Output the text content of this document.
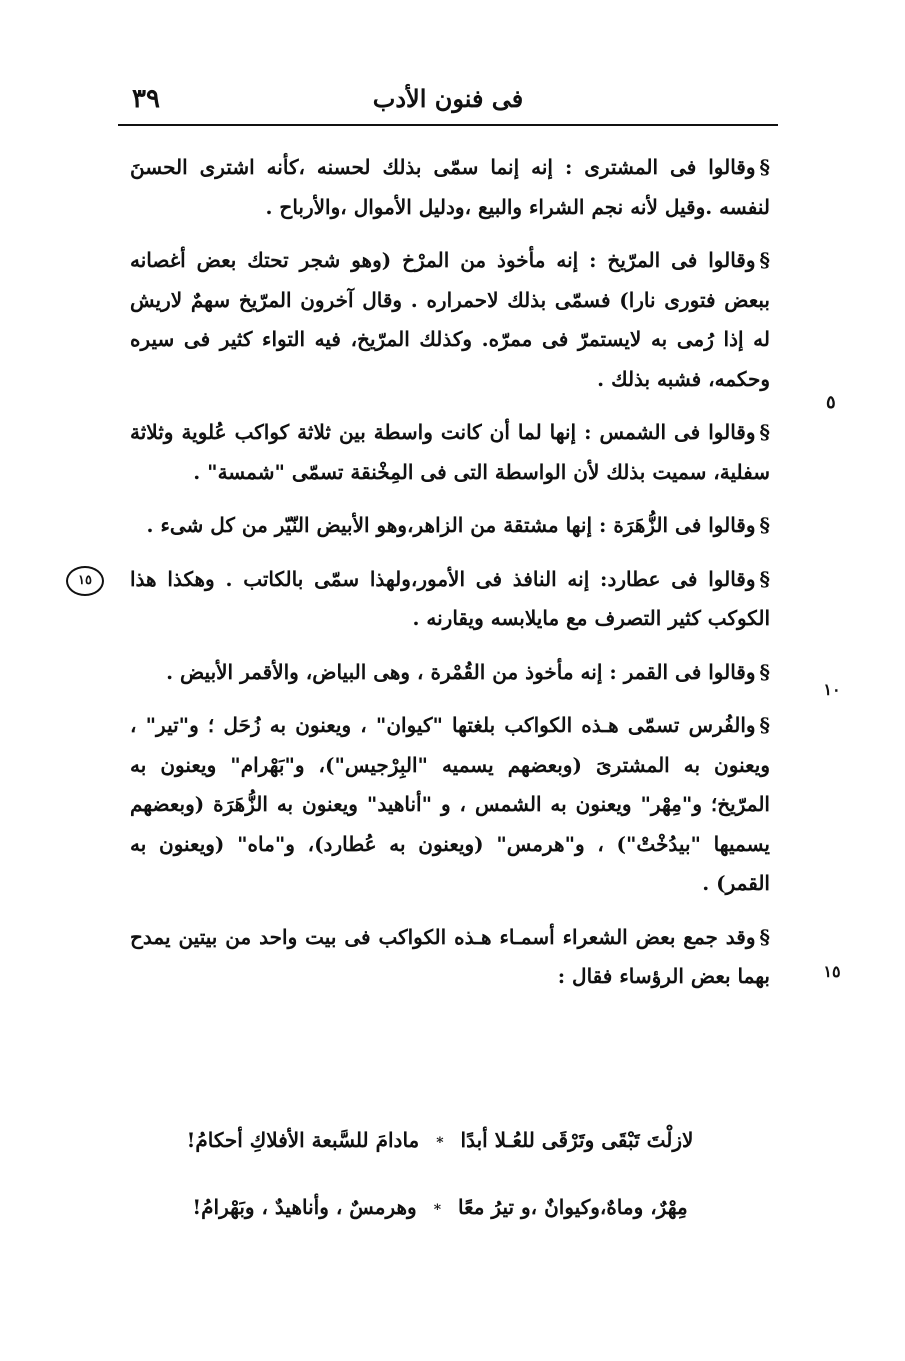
٣٩	فى فنون الأدب
١٥
٥
١٠
١٥

§وقالوا فى المشترى : إنه إنما سمّى بذلك لحسنه ،كأنه اشترى الحسنَ لنفسه .وقيل لأنه نجم الشراء والبيع ،ودليل الأموال ،والأرباح .

§وقالوا فى المرّيخ : إنه مأخوذ من المرْخ (وهو شجر تحتك بعض أغصانه ببعض فتورى نارا) فسمّى بذلك لاحمراره . وقال آخرون المرّيخ سهمٌ لاريش له إذا رُمى به لايستمرّ فى ممرّه. وكذلك المرّيخ، فيه التواء كثير فى سيره وحكمه، فشبه بذلك .

§وقالوا فى الشمس : إنها لما أن كانت واسطة بين ثلاثة كواكب عُلوية وثلاثة سفلية، سميت بذلك لأن الواسطة التى فى المِخْنقة تسمّى "شمسة" .

§وقالوا فى الزُّهَرَة : إنها مشتقة من الزاهر،وهو الأبيض النّيّر من كل شىء .

§وقالوا فى عطارد: إنه النافذ فى الأمور،ولهذا سمّى بالكاتب . وهكذا هذا الكوكب كثير التصرف مع مايلابسه ويقارنه .

§وقالوا فى القمر : إنه مأخوذ من القُمْرة ، وهى البياض، والأقمر الأبيض .

§والفُرس تسمّى هـذه الكواكب بلغتها "كيوان" ، ويعنون به زُحَل ؛ و"تير" ، ويعنون به المشترىَ (وبعضهم يسميه "البِرْجيس")، و"بَهْرام" ويعنون به المرّيخ؛ و"مِهْر" ويعنون به الشمس ، و "أناهيد" ويعنون به الزُّهَرَة (وبعضهم يسميها "بيدُخْتْ") ، و"هرمس" (ويعنون به عُطارد)، و"ماه" (ويعنون به القمر) .

§وقد جمع بعض الشعراء أسمـاء هـذه الكواكب فى بيت واحد من بيتين يمدح بهما بعض الرؤساء فقال :

لازلْتَ تَبْقَى وتَرْقَى للعُـلا أبدًا * مادامَ للسَّبعة الأفلاكِ أحكامُ!
مِهْرٌ، وماهٌ،وكيوانٌ ،و تيرُ معًا * وهرمسٌ ، وأناهيدٌ ، وبَهْرامُ!
